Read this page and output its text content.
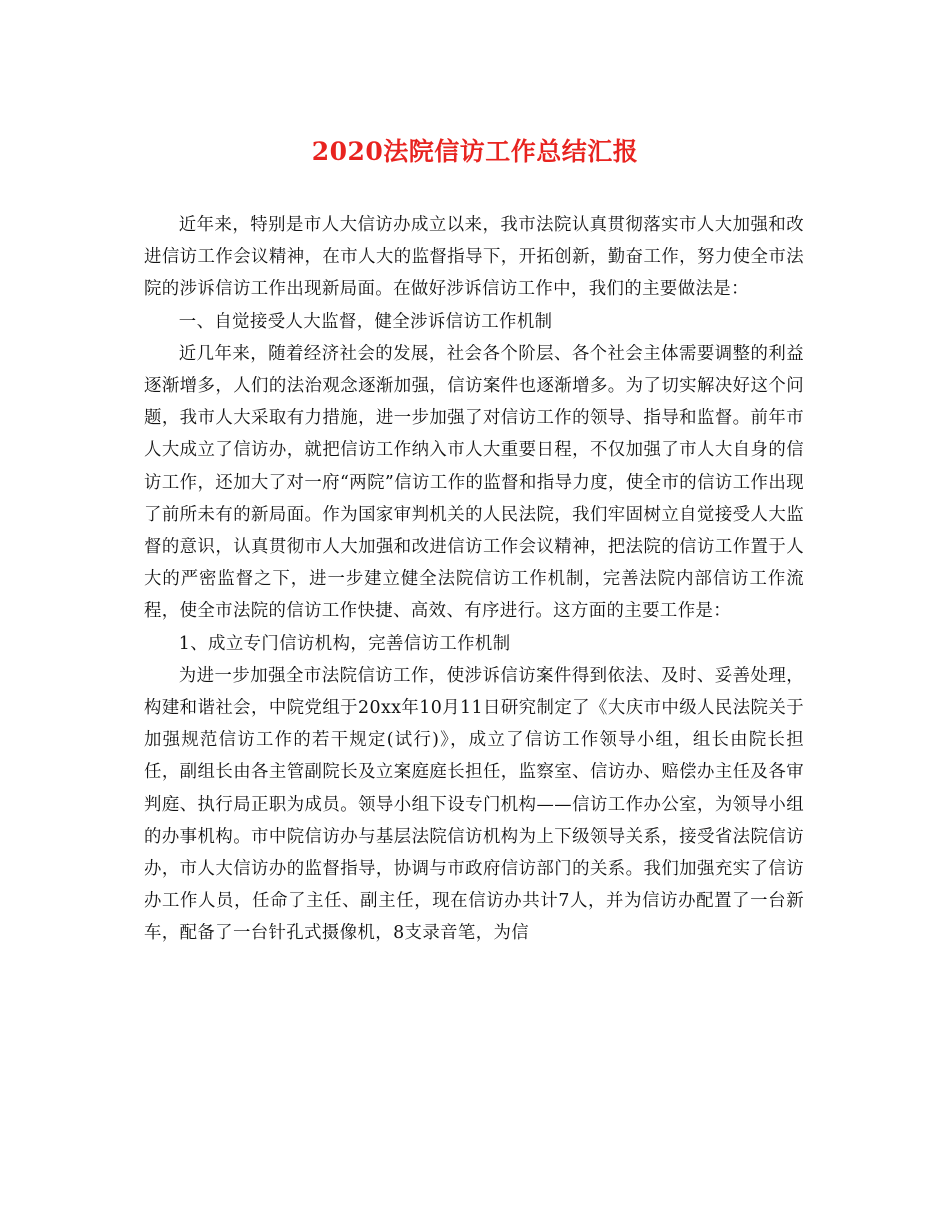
2020法院信访工作总结汇报

近年来，特别是市人大信访办成立以来，我市法院认真贯彻落实市人大加强和改进信访工作会议精神，在市人大的监督指导下，开拓创新，勤奋工作，努力使全市法院的涉诉信访工作出现新局面。在做好涉诉信访工作中，我们的主要做法是：

一、自觉接受人大监督，健全涉诉信访工作机制

近几年来，随着经济社会的发展，社会各个阶层、各个社会主体需要调整的利益逐渐增多，人们的法治观念逐渐加强，信访案件也逐渐增多。为了切实解决好这个问题，我市人大采取有力措施，进一步加强了对信访工作的领导、指导和监督。前年市人大成立了信访办，就把信访工作纳入市人大重要日程，不仅加强了市人大自身的信访工作，还加大了对一府“两院”信访工作的监督和指导力度，使全市的信访工作出现了前所未有的新局面。作为国家审判机关的人民法院，我们牢固树立自觉接受人大监督的意识，认真贯彻市人大加强和改进信访工作会议精神，把法院的信访工作置于人大的严密监督之下，进一步建立健全法院信访工作机制，完善法院内部信访工作流程，使全市法院的信访工作快捷、高效、有序进行。这方面的主要工作是：

1、成立专门信访机构，完善信访工作机制

为进一步加强全市法院信访工作，使涉诉信访案件得到依法、及时、妥善处理，构建和谐社会，中院党组于20xx年10月11日研究制定了《大庆市中级人民法院关于加强规范信访工作的若干规定(试行)》，成立了信访工作领导小组，组长由院长担任，副组长由各主管副院长及立案庭庭长担任，监察室、信访办、赔偿办主任及各审判庭、执行局正职为成员。领导小组下设专门机构——信访工作办公室，为领导小组的办事机构。市中院信访办与基层法院信访机构为上下级领导关系，接受省法院信访办，市人大信访办的监督指导，协调与市政府信访部门的关系。我们加强充实了信访办工作人员，任命了主任、副主任，现在信访办共计7人，并为信访办配置了一台新车，配备了一台针孔式摄像机，8支录音笔，为信
